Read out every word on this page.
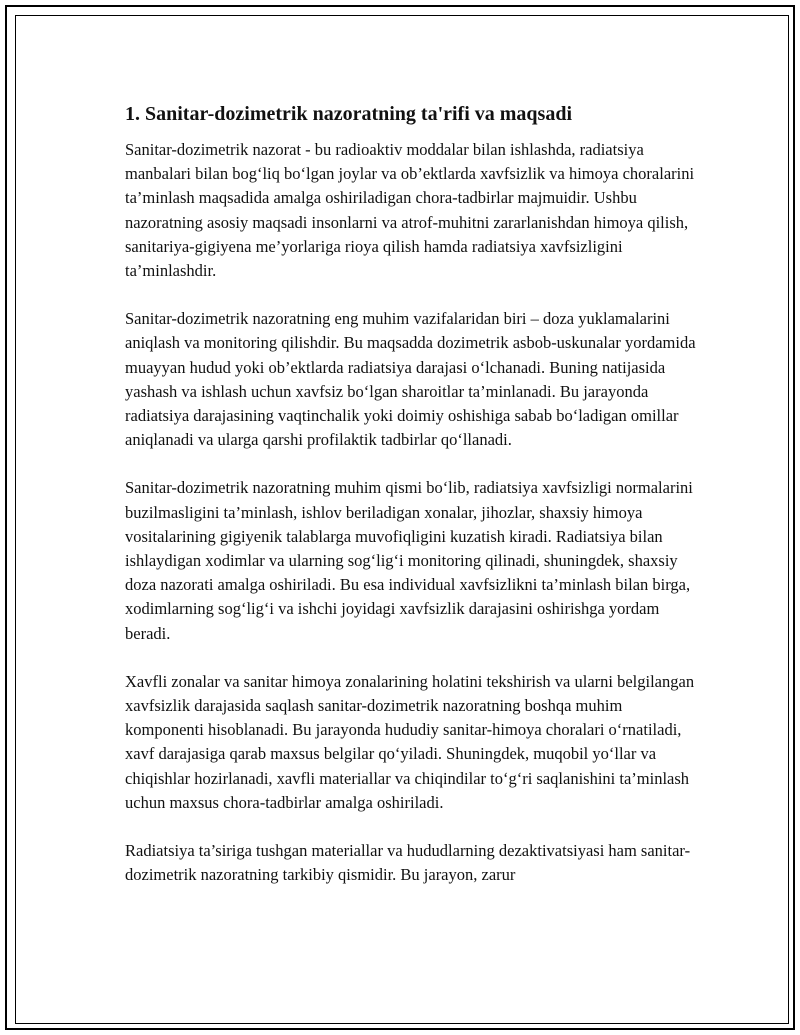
1. Sanitar-dozimetrik nazoratning ta'rifi va maqsadi

Sanitar-dozimetrik nazorat - bu radioaktiv moddalar bilan ishlashda, radiatsiya manbalari bilan bog‘liq bo‘lgan joylar va ob’ektlarda xavfsizlik va himoya choralarini ta’minlash maqsadida amalga oshiriladigan chora-tadbirlar majmuidir. Ushbu nazoratning asosiy maqsadi insonlarni va atrof-muhitni zararlanishdan himoya qilish, sanitariya-gigiyena me’yorlariga rioya qilish hamda radiatsiya xavfsizligini ta’minlashdir.

Sanitar-dozimetrik nazoratning eng muhim vazifalaridan biri – doza yuklamalarini aniqlash va monitoring qilishdir. Bu maqsadda dozimetrik asbob-uskunalar yordamida muayyan hudud yoki ob’ektlarda radiatsiya darajasi o‘lchanadi. Buning natijasida yashash va ishlash uchun xavfsiz bo‘lgan sharoitlar ta’minlanadi. Bu jarayonda radiatsiya darajasining vaqtinchalik yoki doimiy oshishiga sabab bo‘ladigan omillar aniqlanadi va ularga qarshi profilaktik tadbirlar qo‘llanadi.

Sanitar-dozimetrik nazoratning muhim qismi bo‘lib, radiatsiya xavfsizligi normalarini buzilmasligini ta’minlash, ishlov beriladigan xonalar, jihozlar, shaxsiy himoya vositalarining gigiyenik talablarga muvofiqligini kuzatish kiradi. Radiatsiya bilan ishlaydigan xodimlar va ularning sog‘lig‘i monitoring qilinadi, shuningdek, shaxsiy doza nazorati amalga oshiriladi. Bu esa individual xavfsizlikni ta’minlash bilan birga, xodimlarning sog‘lig‘i va ishchi joyidagi xavfsizlik darajasini oshirishga yordam beradi.

Xavfli zonalar va sanitar himoya zonalarining holatini tekshirish va ularni belgilangan xavfsizlik darajasida saqlash sanitar-dozimetrik nazoratning boshqa muhim komponenti hisoblanadi. Bu jarayonda hududiy sanitar-himoya choralari o‘rnatiladi, xavf darajasiga qarab maxsus belgilar qo‘yiladi. Shuningdek, muqobil yo‘llar va chiqishlar hozirlanadi, xavfli materiallar va chiqindilar to‘g‘ri saqlanishini ta’minlash uchun maxsus chora-tadbirlar amalga oshiriladi.

Radiatsiya ta’siriga tushgan materiallar va hududlarning dezaktivatsiyasi ham sanitar-dozimetrik nazoratning tarkibiy qismidir. Bu jarayon, zarur
